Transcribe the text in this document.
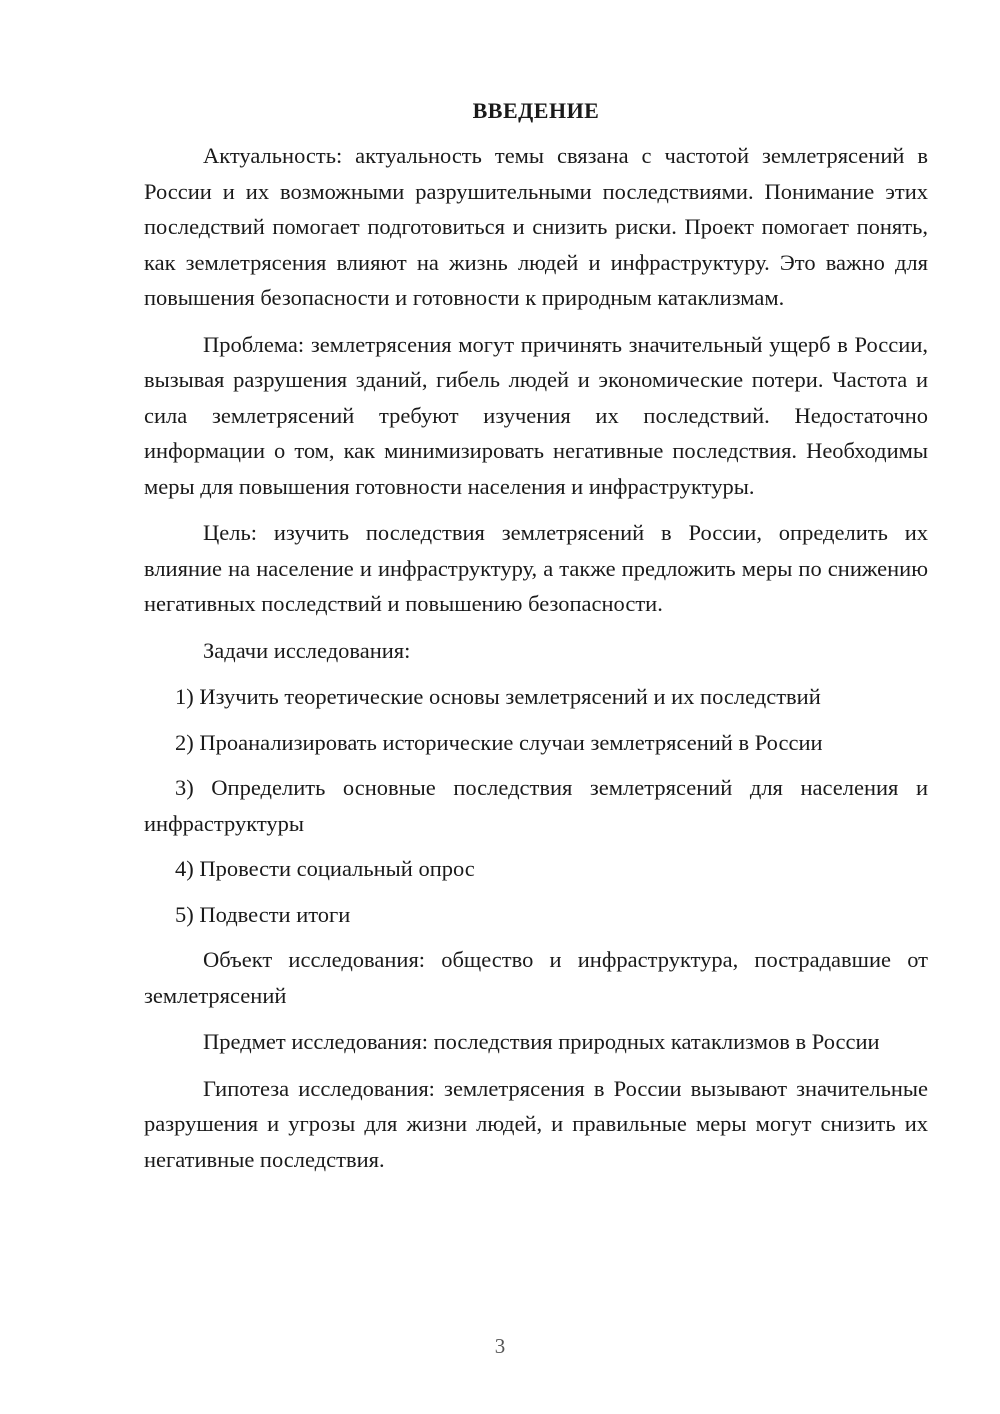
ВВЕДЕНИЕ

Актуальность: актуальность темы связана с частотой землетрясений в России и их возможными разрушительными последствиями. Понимание этих последствий помогает подготовиться и снизить риски. Проект помогает понять, как землетрясения влияют на жизнь людей и инфраструктуру. Это важно для повышения безопасности и готовности к природным катаклизмам.

Проблема: землетрясения могут причинять значительный ущерб в России, вызывая разрушения зданий, гибель людей и экономические потери. Частота и сила землетрясений требуют изучения их последствий. Недостаточно информации о том, как минимизировать негативные последствия. Необходимы меры для повышения готовности населения и инфраструктуры.

Цель: изучить последствия землетрясений в России, определить их влияние на население и инфраструктуру, а также предложить меры по снижению негативных последствий и повышению безопасности.

Задачи исследования:

1) Изучить теоретические основы землетрясений и их последствий

2) Проанализировать исторические случаи землетрясений в России

3) Определить основные последствия землетрясений для населения и инфраструктуры

4) Провести социальный опрос

5) Подвести итоги

Объект исследования: общество и инфраструктура, пострадавшие от землетрясений

Предмет исследования: последствия природных катаклизмов в России

Гипотеза исследования: землетрясения в России вызывают значительные разрушения и угрозы для жизни людей, и правильные меры могут снизить их негативные последствия.

3
